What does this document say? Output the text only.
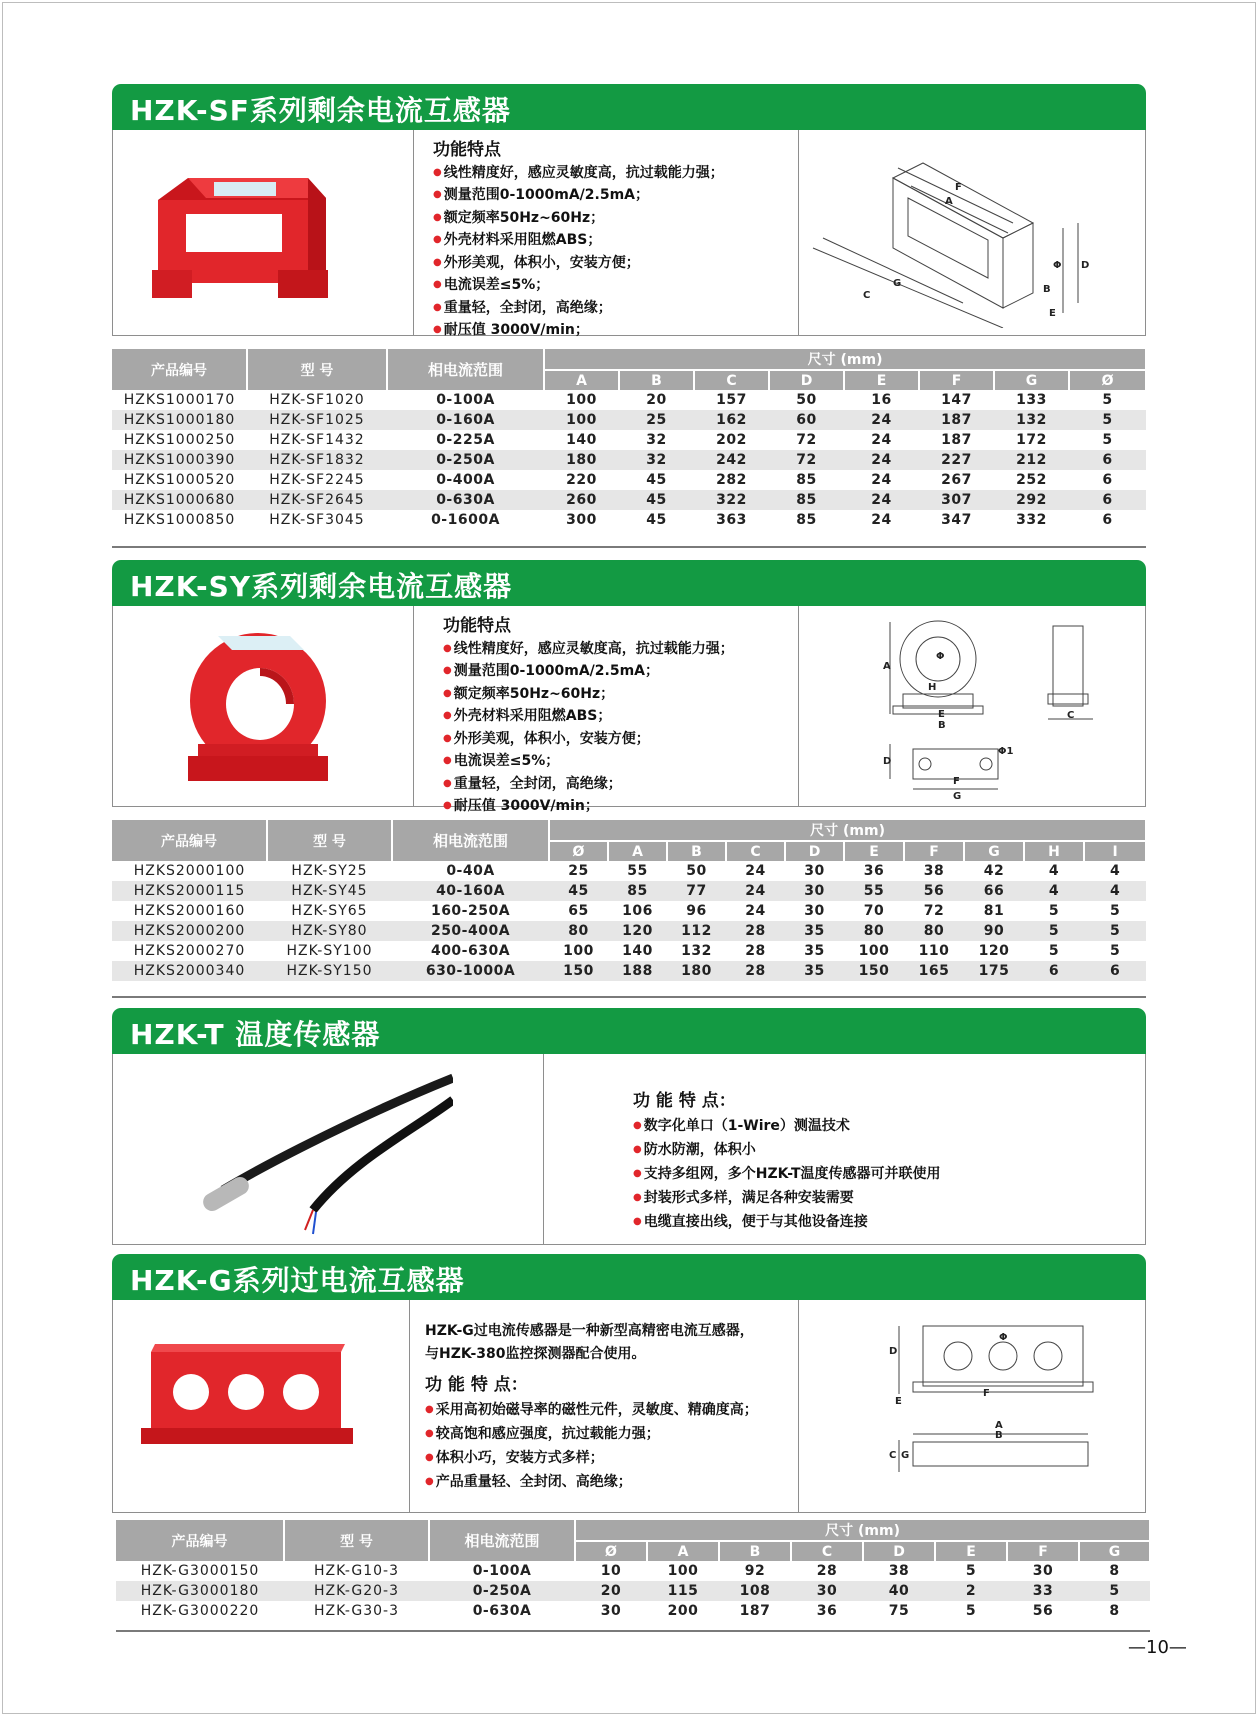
HZK-SF系列剩余电流互感器
功能特点
● 线性精度好，感应灵敏度高，抗过载能力强；
● 测量范围0-1000mA/2.5mA；
● 额定频率50Hz~60Hz；
● 外壳材料采用阻燃ABS；
● 外形美观，体积小，安装方便；
● 电流误差≤5%；
● 重量轻，全封闭，高绝缘；
● 耐压值 3000V/min；
F
A
G
C
Φ D
B
E
产品编号	型 号	相电流范围	尺寸 (mm)							
			A	B	C	D	E	F	G	Ø
HZKS1000170	HZK-SF1020	0-100A	100	20	157	50	16	147	133	5
HZKS1000180	HZK-SF1025	0-160A	100	25	162	60	24	187	132	5
HZKS1000250	HZK-SF1432	0-225A	140	32	202	72	24	187	172	5
HZKS1000390	HZK-SF1832	0-250A	180	32	242	72	24	227	212	6
HZKS1000520	HZK-SF2245	0-400A	220	45	282	85	24	267	252	6
HZKS1000680	HZK-SF2645	0-630A	260	45	322	85	24	307	292	6
HZKS1000850	HZK-SF3045	0-1600A	300	45	363	85	24	347	332	6
HZK-SY系列剩余电流互感器
功能特点
● 线性精度好，感应灵敏度高，抗过载能力强；
● 测量范围0-1000mA/2.5mA；
● 额定频率50Hz~60Hz；
● 外壳材料采用阻燃ABS；
● 外形美观，体积小，安装方便；
● 电流误差≤5%；
● 重量轻，全封闭，高绝缘；
● 耐压值 3000V/min；
A
Φ
H
E
B
C
D
F
G
Φ1
产品编号	型 号	相电流范围	尺寸 (mm)									
			Ø	A	B	C	D	E	F	G	H	I
HZKS2000100	HZK-SY25	0-40A	25	55	50	24	30	36	38	42	4	4
HZKS2000115	HZK-SY45	40-160A	45	85	77	24	30	55	56	66	4	4
HZKS2000160	HZK-SY65	160-250A	65	106	96	24	30	70	72	81	5	5
HZKS2000200	HZK-SY80	250-400A	80	120	112	28	35	80	80	90	5	5
HZKS2000270	HZK-SY100	400-630A	100	140	132	28	35	100	110	120	5	5
HZKS2000340	HZK-SY150	630-1000A	150	188	180	28	35	150	165	175	6	6
HZK-T 温度传感器
功 能 特 点：
● 数字化单口（1-Wire）测温技术
● 防水防潮，体积小
● 支持多组网，多个HZK-T温度传感器可并联使用
● 封装形式多样，满足各种安装需要
● 电缆直接出线，便于与其他设备连接
HZK-G系列过电流互感器
HZK-G过电流传感器是一种新型高精密电流互感器，
与HZK-380监控探测器配合使用。
功 能 特 点：
● 采用高初始磁导率的磁性元件，灵敏度、精确度高；
● 较高饱和感应强度，抗过载能力强；
● 体积小巧，安装方式多样；
● 产品重量轻、全封闭、高绝缘；
D
E
F
Φ
A
B
C G
产品编号	型 号	相电流范围	尺寸 (mm)							
			Ø	A	B	C	D	E	F	G
HZK-G3000150	HZK-G10-3	0-100A	10	100	92	28	38	5	30	8
HZK-G3000180	HZK-G20-3	0-250A	20	115	108	30	40	2	33	5
HZK-G3000220	HZK-G30-3	0-630A	30	200	187	36	75	5	56	8
—10—
